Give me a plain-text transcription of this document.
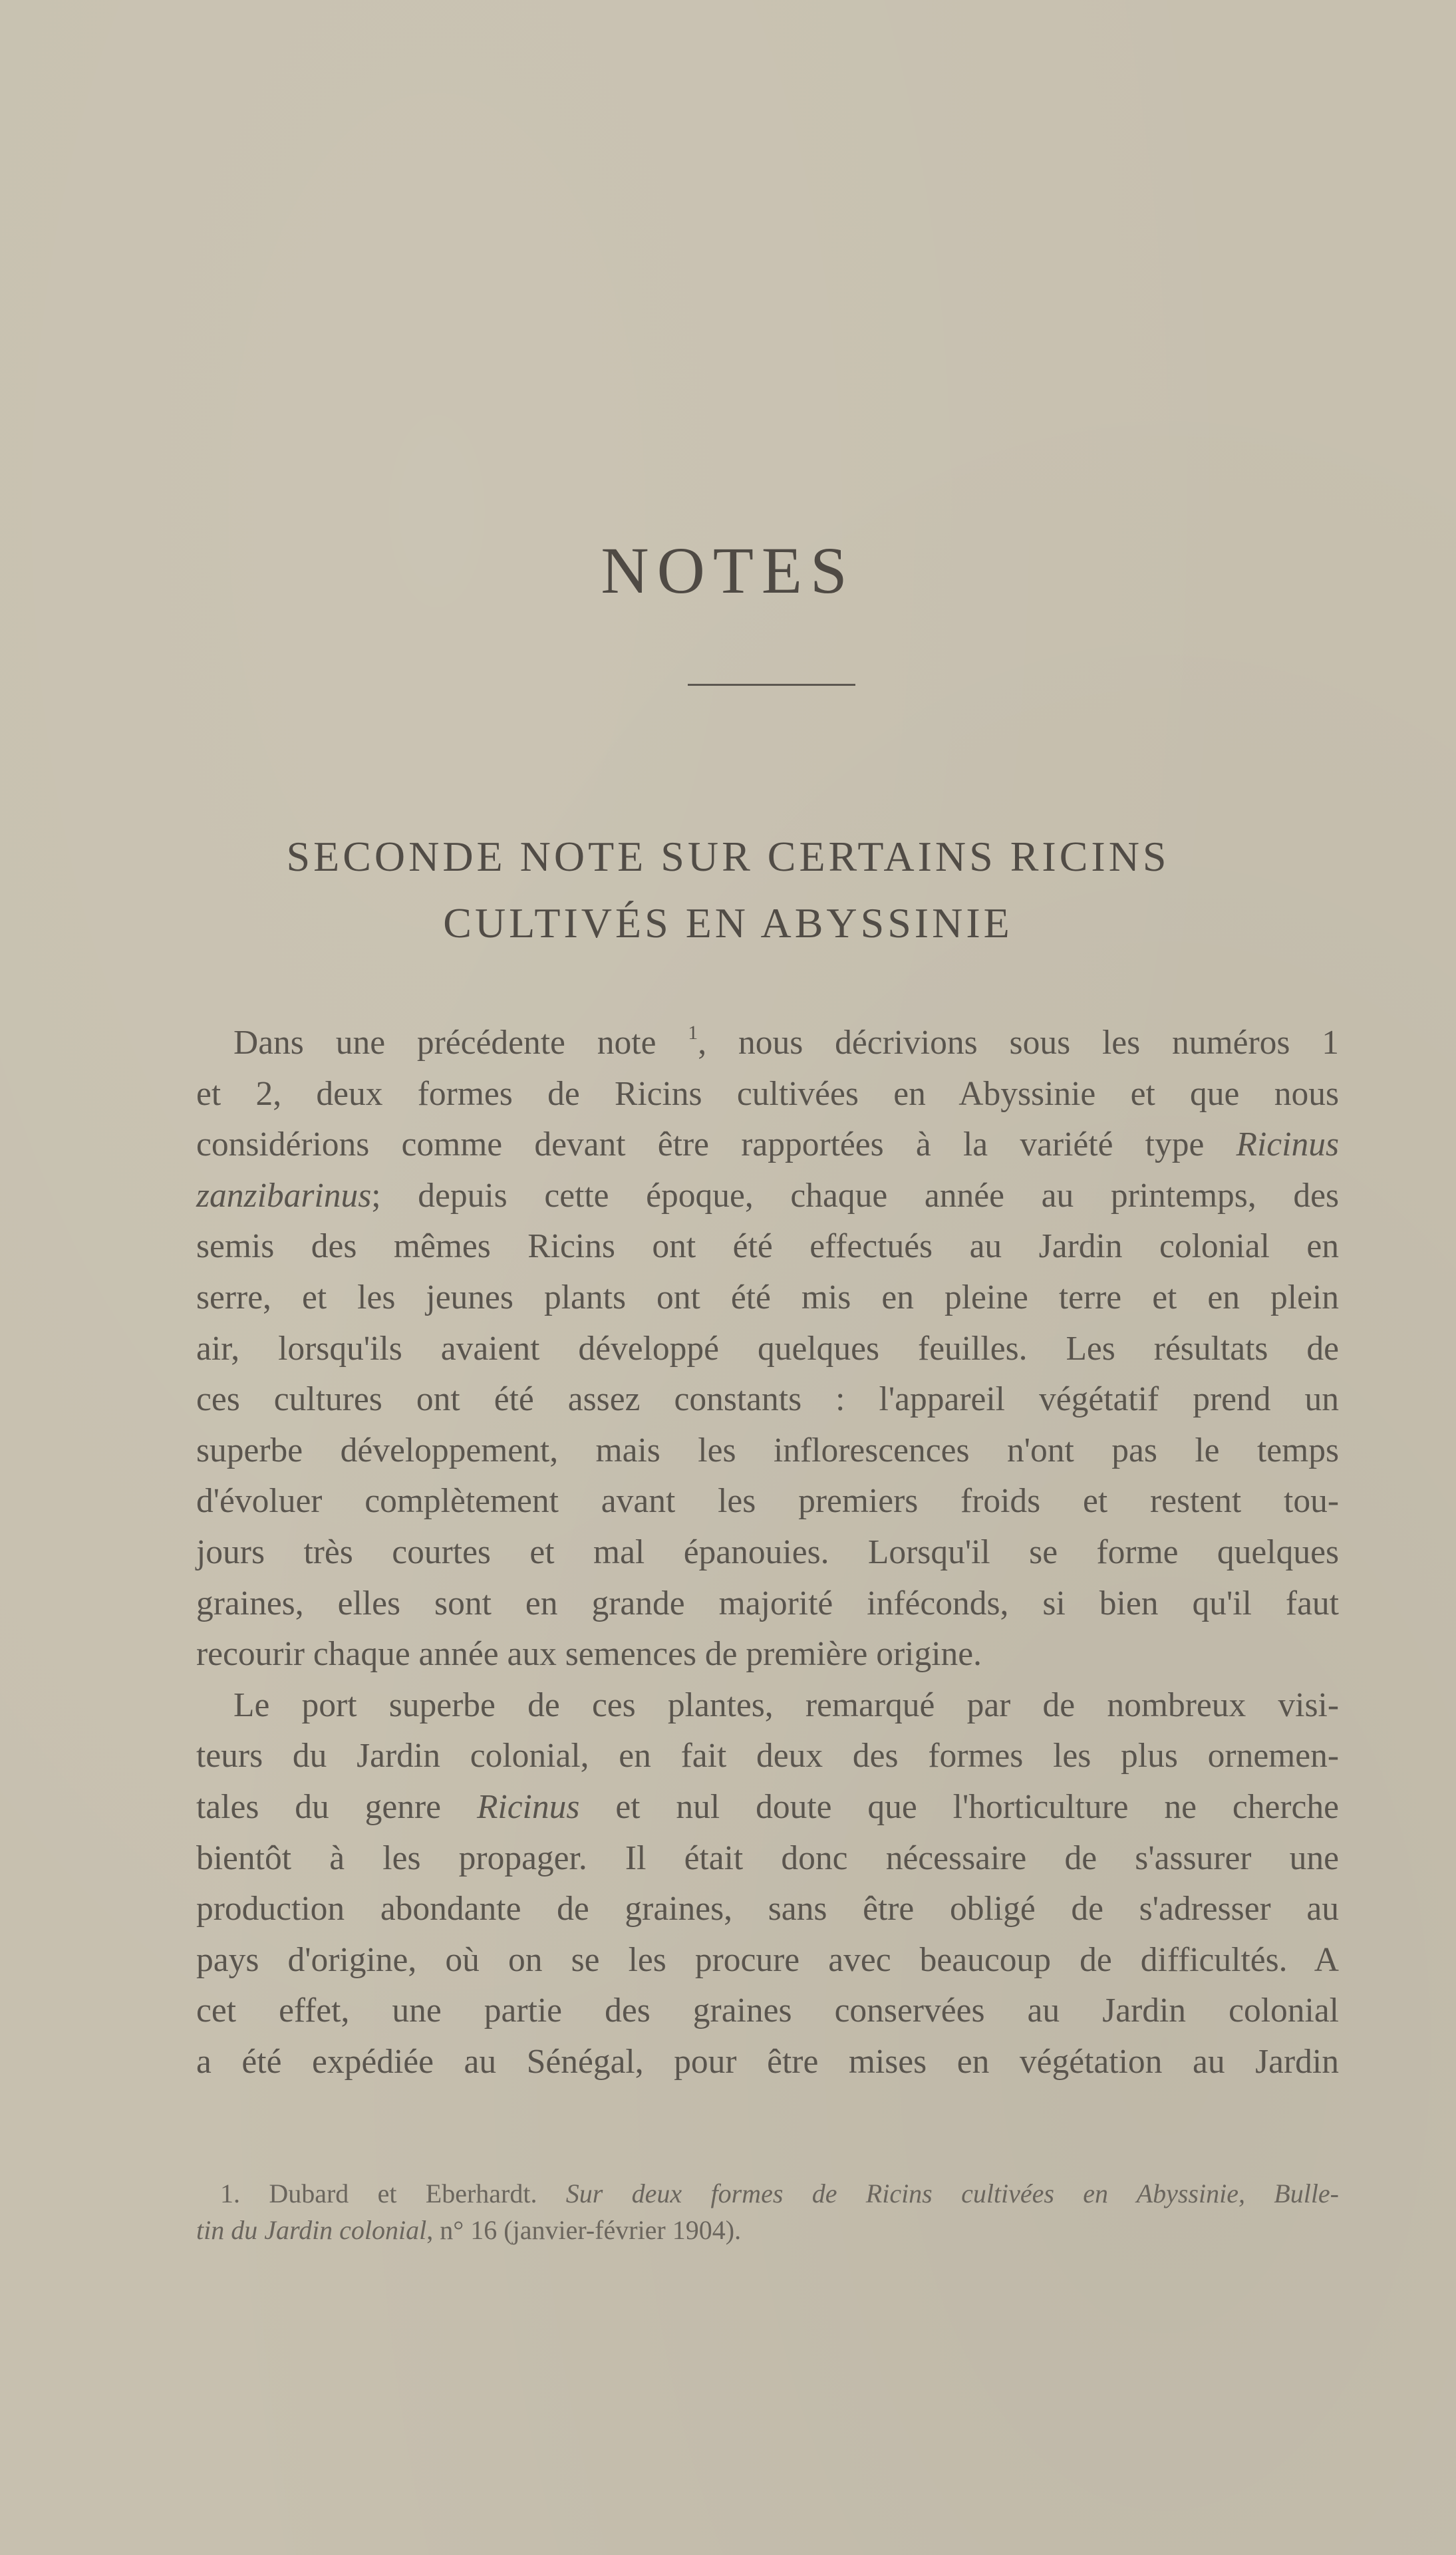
NOTES
SECONDE NOTE SUR CERTAINS RICINS
CULTIVÉS EN ABYSSINIE
Dans une précédente note $^1$, nous décrivions sous les numéros 1
et 2, deux formes de Ricins cultivées en Abyssinie et que nous
considérions comme devant être rapportées à la variété type Ricinus
zanzibarinus; depuis cette époque, chaque année au printemps, des
semis des mêmes Ricins ont été effectués au Jardin colonial en
serre, et les jeunes plants ont été mis en pleine terre et en plein
air, lorsqu'ils avaient développé quelques feuilles. Les résultats de
ces cultures ont été assez constants : l'appareil végétatif prend un
superbe développement, mais les inflorescences n'ont pas le temps
d'évoluer complètement avant les premiers froids et restent tou-
jours très courtes et mal épanouies. Lorsqu'il se forme quelques
graines, elles sont en grande majorité inféconds, si bien qu'il faut
recourir chaque année aux semences de première origine.
Le port superbe de ces plantes, remarqué par de nombreux visi-
teurs du Jardin colonial, en fait deux des formes les plus ornemen-
tales du genre Ricinus et nul doute que l'horticulture ne cherche
bientôt à les propager. Il était donc nécessaire de s'assurer une
production abondante de graines, sans être obligé de s'adresser au
pays d'origine, où on se les procure avec beaucoup de difficultés. A
cet effet, une partie des graines conservées au Jardin colonial
a été expédiée au Sénégal, pour être mises en végétation au Jardin
1. Dubard et Eberhardt. Sur deux formes de Ricins cultivées en Abyssinie, Bulle-
tin du Jardin colonial, n° 16 (janvier-février 1904).
